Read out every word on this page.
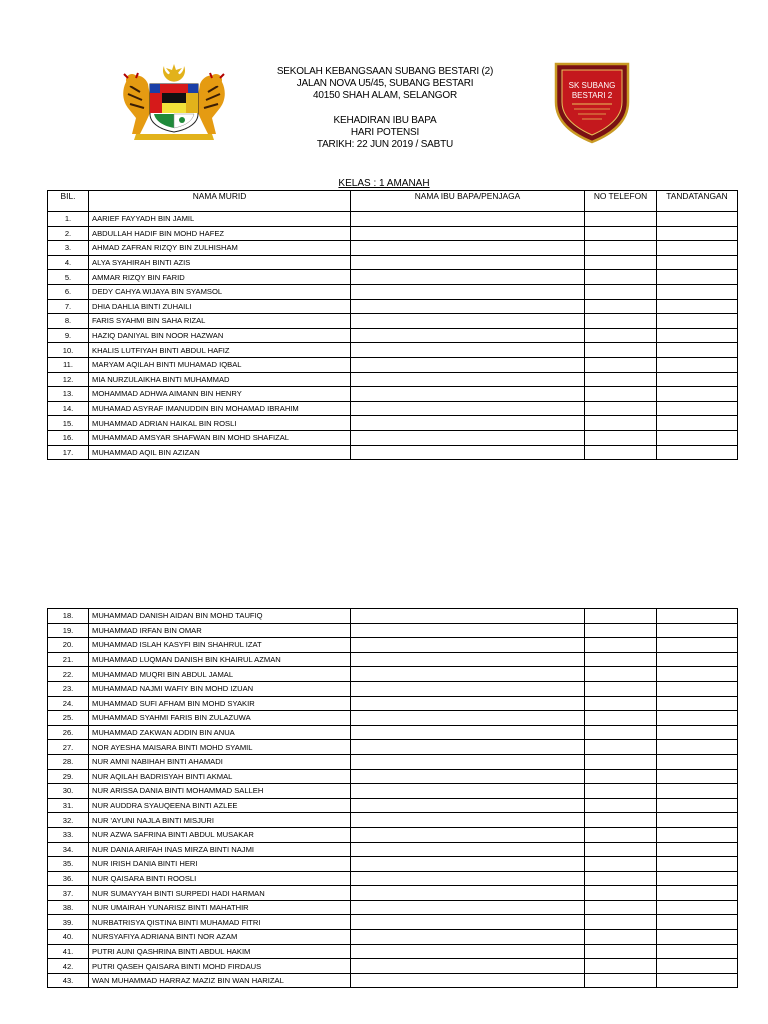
SK SUBANG
BESTARI 2
SEKOLAH KEBANGSAAN SUBANG BESTARI (2)
JALAN NOVA U5/45, SUBANG BESTARI
40150 SHAH ALAM, SELANGOR
KEHADIRAN IBU BAPA
HARI POTENSI
TARIKH: 22 JUN 2019 / SABTU
KELAS : 1 AMANAH
BIL.	NAMA MURID	NAMA IBU BAPA/PENJAGA	NO TELEFON	TANDATANGAN
1.	AARIEF FAYYADH BIN JAMIL			
2.	ABDULLAH HADIF BIN MOHD HAFEZ			
3.	AHMAD ZAFRAN RIZQY BIN ZULHISHAM			
4.	ALYA SYAHIRAH BINTI AZIS			
5.	AMMAR RIZQY BIN FARID			
6.	DEDY CAHYA WIJAYA BIN SYAMSOL			
7.	DHIA DAHLIA BINTI ZUHAILI			
8.	FARIS SYAHMI BIN SAHA RIZAL			
9.	HAZIQ DANIYAL BIN NOOR HAZWAN			
10.	KHALIS LUTFIYAH BINTI ABDUL HAFIZ			
11.	MARYAM AQILAH BINTI MUHAMAD IQBAL			
12.	MIA NURZULAIKHA BINTI MUHAMMAD			
13.	MOHAMMAD ADHWA AIMANN BIN HENRY			
14.	MUHAMAD ASYRAF IMANUDDIN BIN MOHAMAD IBRAHIM			
15.	MUHAMMAD ADRIAN HAIKAL BIN ROSLI			
16.	MUHAMMAD AMSYAR SHAFWAN BIN MOHD SHAFIZAL			
17.	MUHAMMAD AQIL BIN AZIZAN			
18.	MUHAMMAD DANISH AIDAN BIN MOHD TAUFIQ			
19.	MUHAMMAD IRFAN BIN OMAR			
20.	MUHAMMAD ISLAH KASYFI BIN SHAHRUL IZAT			
21.	MUHAMMAD LUQMAN DANISH BIN KHAIRUL AZMAN			
22.	MUHAMMAD MUQRI BIN ABDUL JAMAL			
23.	MUHAMMAD NAJMI WAFIY BIN MOHD IZUAN			
24.	MUHAMMAD SUFI AFHAM BIN MOHD SYAKIR			
25.	MUHAMMAD SYAHMI FARIS BIN ZULAZUWA			
26.	MUHAMMAD ZAKWAN ADDIN BIN ANUA			
27.	NOR AYESHA MAISARA BINTI MOHD SYAMIL			
28.	NUR AMNI NABIHAH BINTI AHAMADI			
29.	NUR AQILAH BADRISYAH BINTI AKMAL			
30.	NUR ARISSA DANIA BINTI MOHAMMAD SALLEH			
31.	NUR AUDDRA SYAUQEENA BINTI AZLEE			
32.	NUR 'AYUNI NAJLA BINTI MISJURI			
33.	NUR AZWA SAFRINA BINTI ABDUL MUSAKAR			
34.	NUR DANIA ARIFAH INAS MIRZA BINTI NAJMI			
35.	NUR IRISH DANIA BINTI HERI			
36.	NUR QAISARA BINTI ROOSLI			
37.	NUR SUMAYYAH BINTI SURPEDI HADI HARMAN			
38.	NUR UMAIRAH YUNARISZ BINTI MAHATHIR			
39.	NURBATRISYA QISTINA BINTI MUHAMAD FITRI			
40.	NURSYAFIYA ADRIANA BINTI NOR AZAM			
41.	PUTRI AUNI QASHRINA BINTI ABDUL HAKIM			
42.	PUTRI QASEH QAISARA BINTI MOHD FIRDAUS			
43.	WAN MUHAMMAD HARRAZ MAZIZ BIN WAN HARIZAL			
